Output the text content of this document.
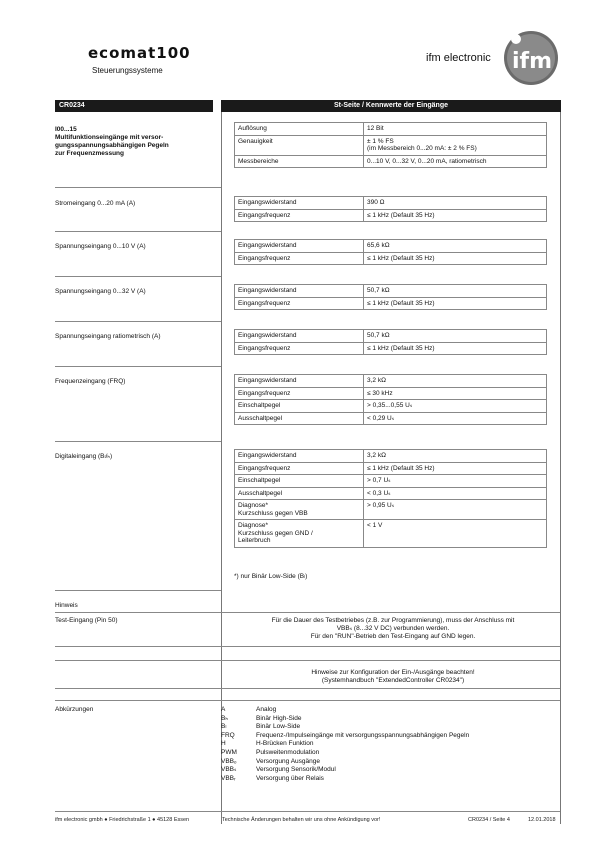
ecomat100
Steuerungssysteme
ifm electronic ifm
CR0234	St-Seite / Kennwerte der Eingänge
I00...15
Multifunktionseingänge mit versor-
gungsspannungsabhängigen Pegeln
zur Frequenzmessung
Auflösung	12 Bit

Genauigkeit	± 1 % FS
(im Messbereich 0...20 mA: ± 2 % FS)

Messbereiche	0...10 V, 0...32 V, 0...20 mA, ratiometrisch
Stromeingang 0...20 mA (A)	Eingangswiderstand	390 Ω

Eingangsfrequenz	≤ 1 kHz (Default 35 Hz)
Spannungseingang 0...10 V (A)	Eingangswiderstand	65,6 kΩ

Eingangsfrequenz	≤ 1 kHz (Default 35 Hz)
Spannungseingang 0...32 V (A)	Eingangswiderstand	50,7 kΩ

Eingangsfrequenz	≤ 1 kHz (Default 35 Hz)
Spannungseingang ratiometrisch (A)	Eingangswiderstand	50,7 kΩ

Eingangsfrequenz	≤ 1 kHz (Default 35 Hz)
Frequenzeingang (FRQ)	Eingangswiderstand	3,2 kΩ

Eingangsfrequenz	≤ 30 kHz

Einschaltpegel	> 0,35...0,55 Uₛ

Ausschaltpegel	< 0,29 Uₛ
Digitaleingang (Bₗ/ₕ)	Eingangswiderstand	3,2 kΩ

Eingangsfrequenz	≤ 1 kHz (Default 35 Hz)

Einschaltpegel	> 0,7 Uₛ

Ausschaltpegel	< 0,3 Uₛ

Diagnose*
Kurzschluss gegen VBB	> 0,95 Uₛ

Diagnose*
Kurzschluss gegen GND /
Leiterbruch	< 1 V
*) nur Binär Low-Side (Bₗ)
Hinweis
Test-Eingang (Pin 50)	Für die Dauer des Testbetriebes (z.B. zur Programmierung), muss der Anschluss mit
VBBₛ (8...32 V DC) verbunden werden.
Für den "RUN"-Betrieb den Test-Eingang auf GND legen.
Hinweise zur Konfiguration der Ein-/Ausgänge beachten!
(Systemhandbuch "ExtendedController CR0234")
Abkürzungen	A	Analog
Bₕ	Binär High-Side
Bₗ	Binär Low-Side
FRQ	Frequenz-/Impulseingänge mit versorgungsspannungsabhängigen Pegeln
H	H-Brücken Funktion
PWM	Pulsweitenmodulation
VBBₒ	Versorgung Ausgänge
VBBₛ	Versorgung Sensorik/Modul
VBBᵣ	Versorgung über Relais
ifm electronic gmbh ● Friedrichstraße 1 ● 45128 Essen	Technische Änderungen behalten wir uns ohne Ankündigung vor!	CR0234 / Seite 4	12.01.2018
